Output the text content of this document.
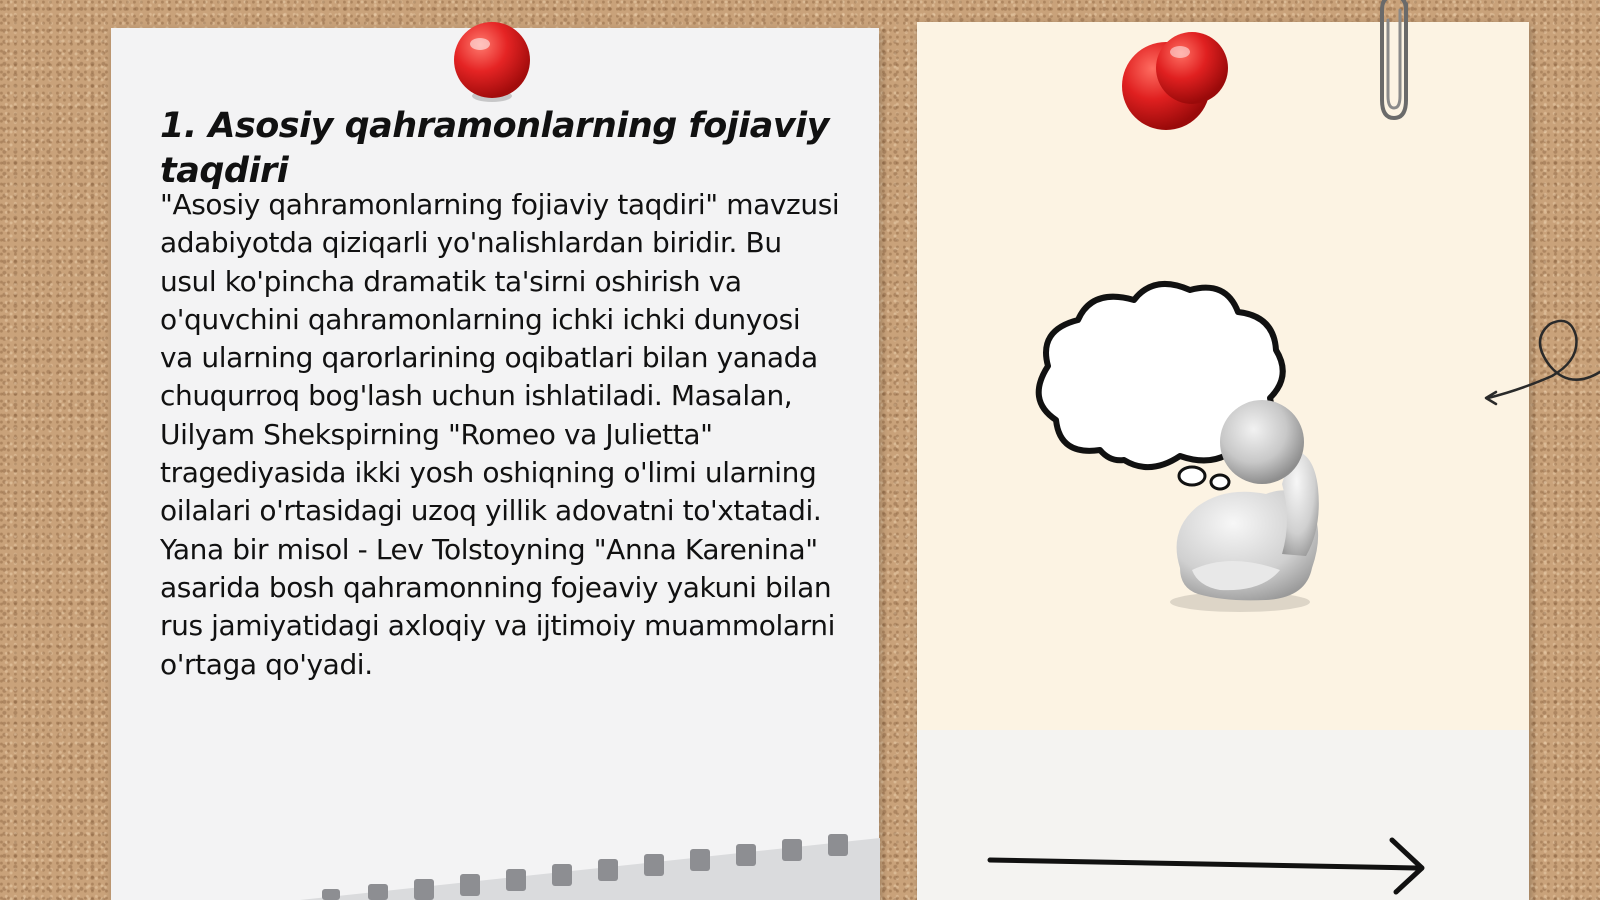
1. Asosiy qahramonlarning fojiaviy taqdiri

"Asosiy qahramonlarning fojiaviy taqdiri" mavzusi adabiyotda qiziqarli yo'nalishlardan biridir. Bu usul ko'pincha dramatik ta'sirni oshirish va o'quvchini qahramonlarning ichki ichki dunyosi va ularning qarorlarining oqibatlari bilan yanada chuqurroq bog'lash uchun ishlatiladi. Masalan, Uilyam Shekspirning "Romeo va Julietta" tragediyasida ikki yosh oshiqning o'limi ularning oilalari o'rtasidagi uzoq yillik adovatni to'xtatadi. Yana bir misol - Lev Tolstoyning "Anna Karenina" asarida bosh qahramonning fojeaviy yakuni bilan rus jamiyatidagi axloqiy va ijtimoiy muammolarni o'rtaga qo'yadi.
